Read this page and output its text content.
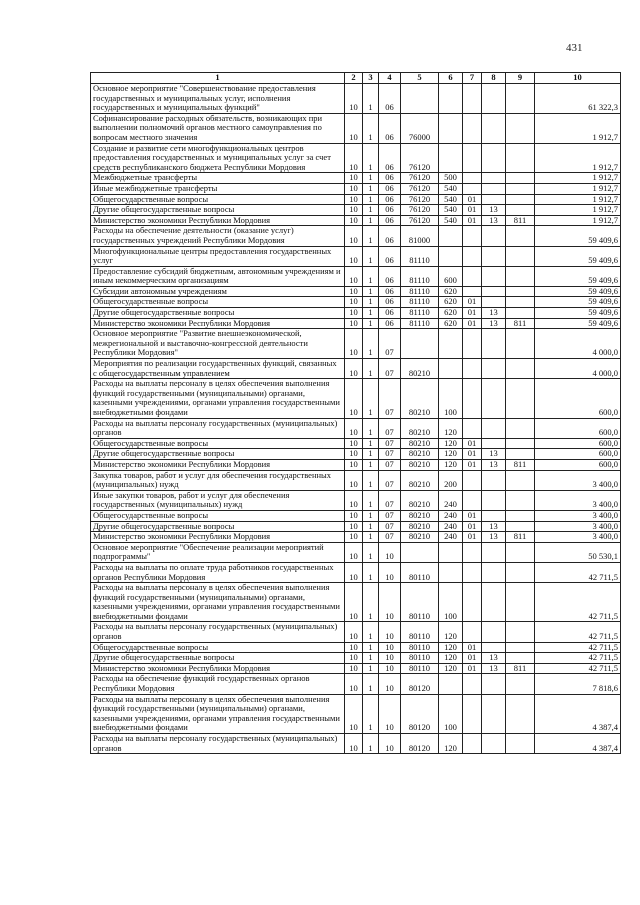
431
1	2	3	4	5	6	7	8	9	10
Основное мероприятие "Совершенствование предоставления государственных и муниципальных услуг, исполнения государственных и муниципальных функций"	10	1	06						61 322,3
Софинансирование расходных обязательств, возникающих при выполнении полномочий органов местного самоуправления по вопросам местного значения	10	1	06	76000					1 912,7
Создание и развитие сети многофункциональных центров предоставления государственных и муниципальных услуг за счет средств республиканского бюджета Республики Мордовия	10	1	06	76120					1 912,7
Межбюджетные трансферты	10	1	06	76120	500				1 912,7
Иные межбюджетные трансферты	10	1	06	76120	540				1 912,7
Общегосударственные вопросы	10	1	06	76120	540	01			1 912,7
Другие общегосударственные вопросы	10	1	06	76120	540	01	13		1 912,7
Министерство экономики Республики Мордовия	10	1	06	76120	540	01	13	811	1 912,7
Расходы на обеспечение деятельности (оказание услуг) государственных учреждений Республики Мордовия	10	1	06	81000					59 409,6
Многофункциональные центры предоставления государственных услуг	10	1	06	81110					59 409,6
Предоставление субсидий бюджетным, автономным учреждениям и иным некоммерческим организациям	10	1	06	81110	600				59 409,6
Субсидии автономным учреждениям	10	1	06	81110	620				59 409,6
Общегосударственные вопросы	10	1	06	81110	620	01			59 409,6
Другие общегосударственные вопросы	10	1	06	81110	620	01	13		59 409,6
Министерство экономики Республики Мордовия	10	1	06	81110	620	01	13	811	59 409,6
Основное мероприятие "Развитие внешнеэкономической, межрегиональной и выставочно-конгрессной деятельности Республики Мордовия"	10	1	07						4 000,0
Мероприятия по реализации государственных функций, связанных с общегосударственным управлением	10	1	07	80210					4 000,0
Расходы на выплаты персоналу в целях обеспечения выполнения функций государственными (муниципальными) органами, казенными учреждениями, органами управления государственными внебюджетными фондами	10	1	07	80210	100				600,0
Расходы на выплаты персоналу государственных (муниципальных) органов	10	1	07	80210	120				600,0
Общегосударственные вопросы	10	1	07	80210	120	01			600,0
Другие общегосударственные вопросы	10	1	07	80210	120	01	13		600,0
Министерство экономики Республики Мордовия	10	1	07	80210	120	01	13	811	600,0
Закупка товаров, работ и услуг для обеспечения государственных (муниципальных) нужд	10	1	07	80210	200				3 400,0
Иные закупки товаров, работ и услуг для обеспечения государственных (муниципальных) нужд	10	1	07	80210	240				3 400,0
Общегосударственные вопросы	10	1	07	80210	240	01			3 400,0
Другие общегосударственные вопросы	10	1	07	80210	240	01	13		3 400,0
Министерство экономики Республики Мордовия	10	1	07	80210	240	01	13	811	3 400,0
Основное мероприятие "Обеспечение реализации мероприятий подпрограммы"	10	1	10						50 530,1
Расходы на выплаты по оплате труда работников государственных органов Республики Мордовия	10	1	10	80110					42 711,5
Расходы на выплаты персоналу в целях обеспечения выполнения функций государственными (муниципальными) органами, казенными учреждениями, органами управления государственными внебюджетными фондами	10	1	10	80110	100				42 711,5
Расходы на выплаты персоналу государственных (муниципальных) органов	10	1	10	80110	120				42 711,5
Общегосударственные вопросы	10	1	10	80110	120	01			42 711,5
Другие общегосударственные вопросы	10	1	10	80110	120	01	13		42 711,5
Министерство экономики Республики Мордовия	10	1	10	80110	120	01	13	811	42 711,5
Расходы на обеспечение функций государственных органов Республики Мордовия	10	1	10	80120					7 818,6
Расходы на выплаты персоналу в целях обеспечения выполнения функций государственными (муниципальными) органами, казенными учреждениями, органами управления государственными внебюджетными фондами	10	1	10	80120	100				4 387,4
Расходы на выплаты персоналу государственных (муниципальных) органов	10	1	10	80120	120				4 387,4
